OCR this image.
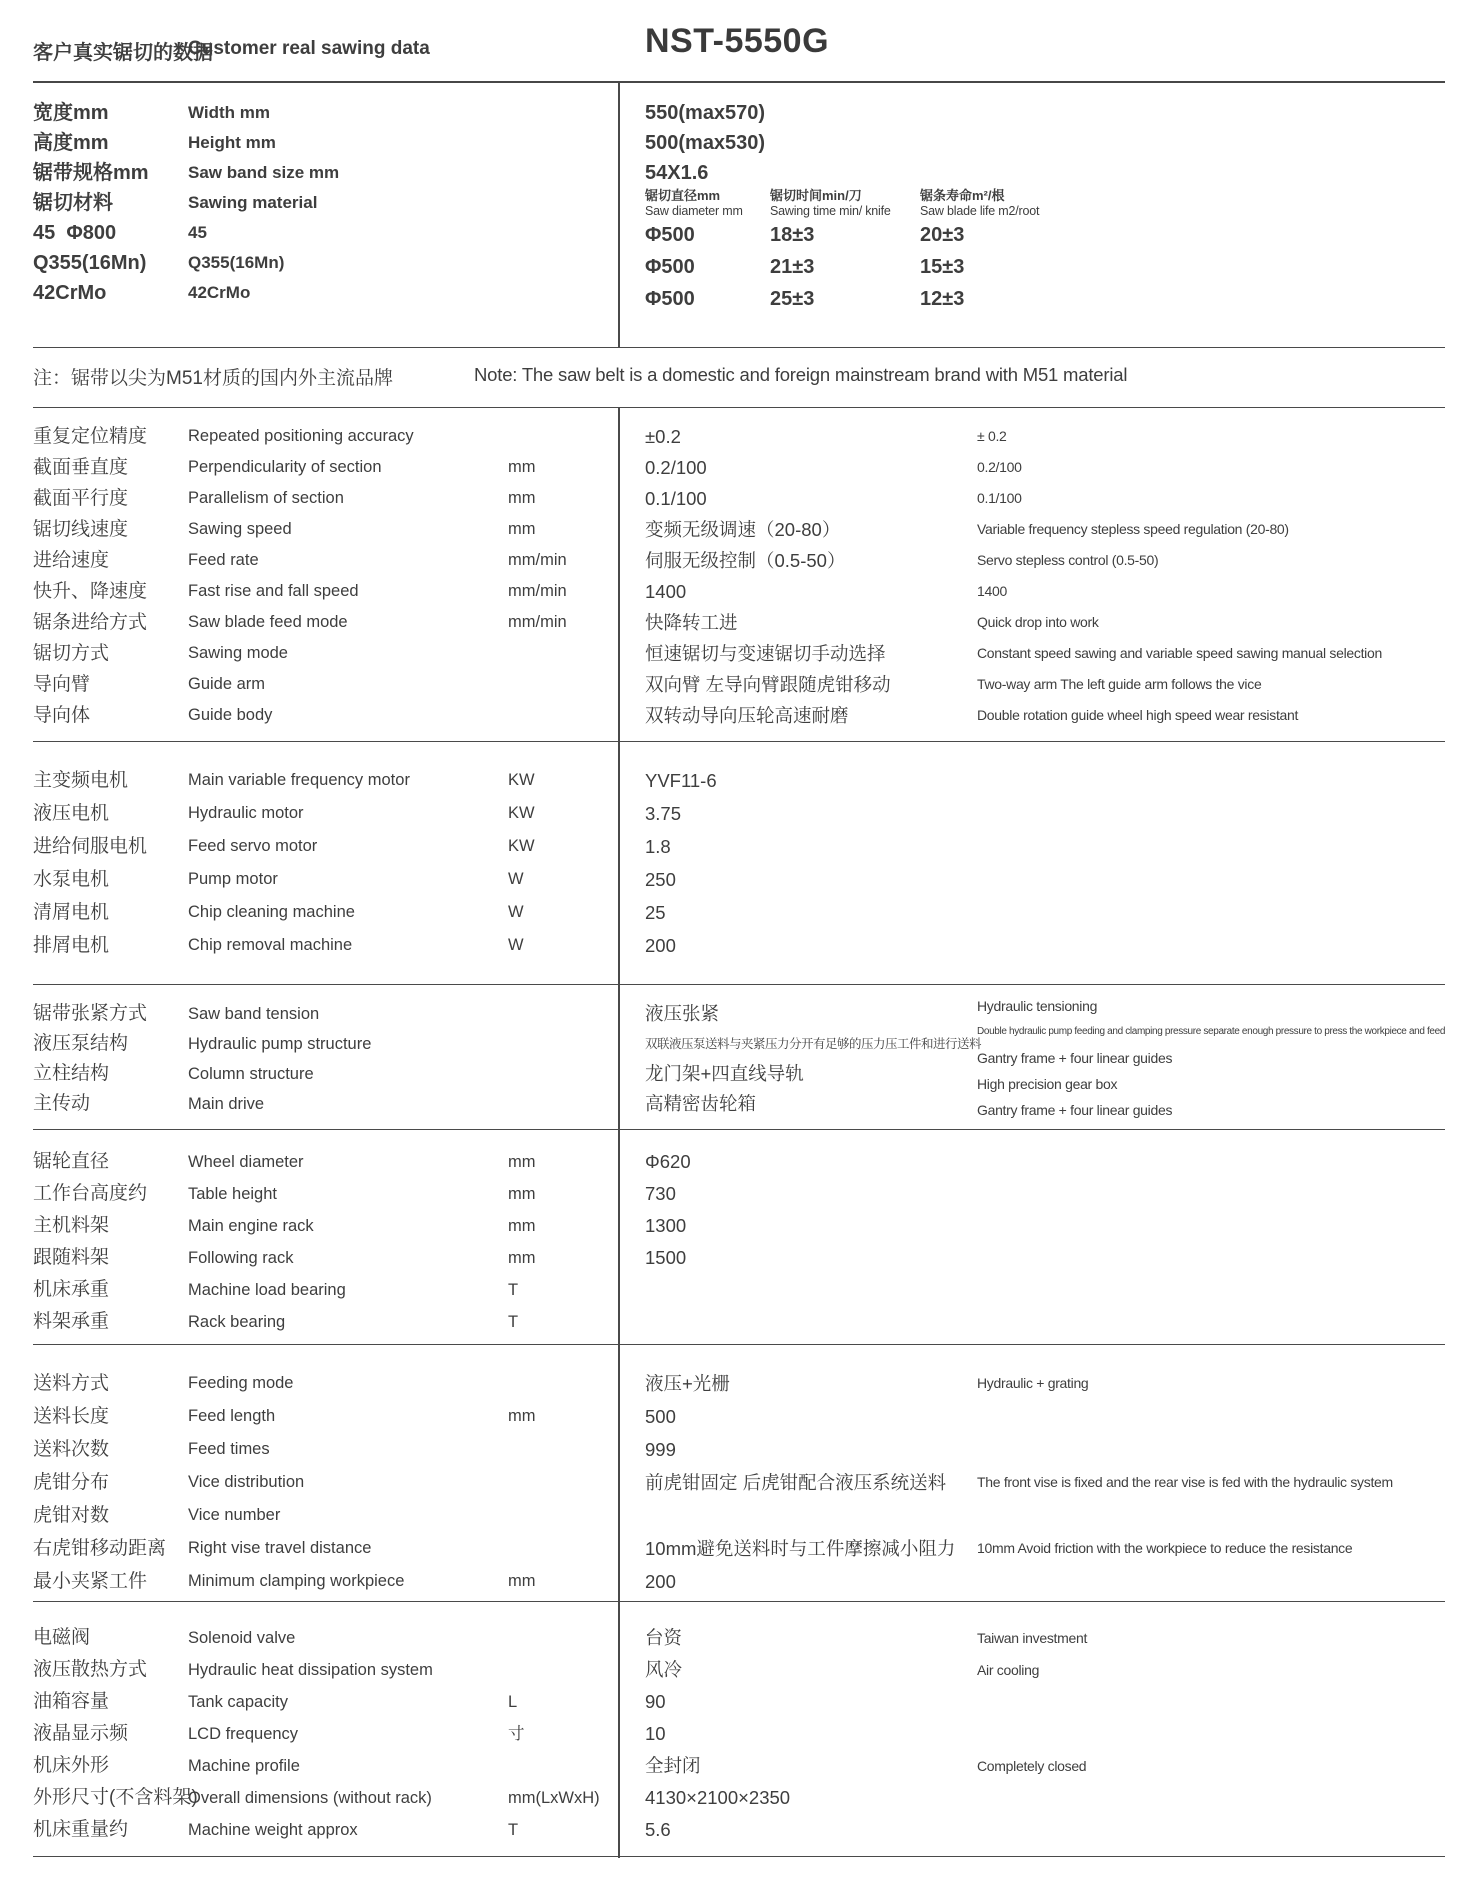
客户真实锯切的数据
Customer real sawing data	NST-5550G
宽度mm
高度mm
锯带规格mm
锯切材料
45  Φ800
Q355(16Mn)
42CrMo
Width mm
Height mm
Saw band size mm
Sawing material
45
Q355(16Mn)
42CrMo
550(max570)
500(max530)
54X1.6
锯切直径mm
Saw diameter mm
Φ500
Φ500
Φ500
锯切时间min/刀
Sawing time min/ knife
18±3
21±3
25±3
锯条寿命m²/根
Saw blade life m2/root
20±3
15±3
12±3
注：锯带以尖为M51材质的国内外主流品牌	Note: The saw belt is a domestic and foreign mainstream brand with M51 material
重复定位精度
截面垂直度
截面平行度
锯切线速度
进给速度
快升、降速度
锯条进给方式
锯切方式
导向臂
导向体
Repeated positioning accuracy
Perpendicularity of section
Parallelism of section
Sawing speed
Feed rate
Fast rise and fall speed
Saw blade feed mode
Sawing mode
Guide arm
Guide body
mm
mm
mm
mm/min
mm/min
mm/min
±0.2
0.2/100
0.1/100
变频无级调速（20-80）
伺服无级控制（0.5-50）
1400
快降转工进
恒速锯切与变速锯切手动选择
双向臂 左导向臂跟随虎钳移动
双转动导向压轮高速耐磨
± 0.2
0.2/100
0.1/100
Variable frequency stepless speed regulation (20-80)
Servo stepless control (0.5-50)
1400
Quick drop into work
Constant speed sawing and variable speed sawing manual selection
Two-way arm The left guide arm follows the vice
Double rotation guide wheel high speed wear resistant
主变频电机
液压电机
进给伺服电机
水泵电机
清屑电机
排屑电机
Main variable frequency motor
Hydraulic motor
Feed servo motor
Pump motor
Chip cleaning machine
Chip removal machine
KW
KW
KW
W
W
W
YVF11-6
3.75
1.8
250
25
200
锯带张紧方式
液压泵结构
立柱结构
主传动
Saw band tension
Hydraulic pump structure
Column structure
Main drive
液压张紧
双联液压泵送料与夹紧压力分开有足够的压力压工件和进行送料
龙门架+四直线导轨
高精密齿轮箱
Hydraulic tensioning
Double hydraulic pump feeding and clamping pressure separate enough pressure to press the workpiece and feed
Gantry frame + four linear guides
High precision gear box
Gantry frame + four linear guides
锯轮直径
工作台高度约
主机料架
跟随料架
机床承重
料架承重
Wheel diameter
Table height
Main engine rack
Following rack
Machine load bearing
Rack bearing
mm
mm
mm
mm
T
T
Φ620
730
1300
1500
送料方式
送料长度
送料次数
虎钳分布
虎钳对数
右虎钳移动距离
最小夹紧工件
Feeding mode
Feed length
Feed times
Vice distribution
Vice number
Right vise travel distance
Minimum clamping workpiece
mm
mm
液压+光栅
500
999
前虎钳固定 后虎钳配合液压系统送料
10mm避免送料时与工件摩擦减小阻力
200
Hydraulic + grating
The front vise is fixed and the rear vise is fed with the hydraulic system
10mm Avoid friction with the workpiece to reduce the resistance
电磁阀
液压散热方式
油箱容量
液晶显示频
机床外形
外形尺寸(不含料架)
机床重量约
Solenoid valve
Hydraulic heat dissipation system
Tank capacity
LCD frequency
Machine profile
Overall dimensions (without rack)
Machine weight approx
L
寸
mm(LxWxH)
T
台资
风冷
90
10
全封闭
4130×2100×2350
5.6
Taiwan investment
Air cooling
Completely closed
